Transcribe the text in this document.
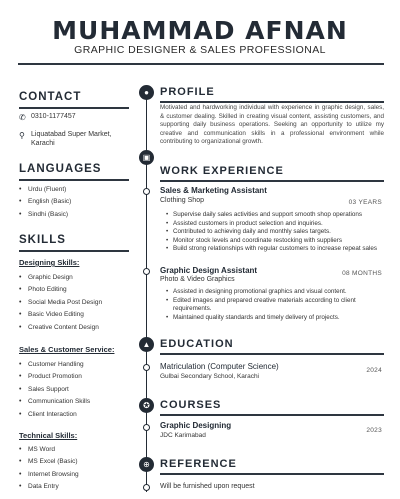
MUHAMMAD AFNAN
GRAPHIC DESIGNER & SALES PROFESSIONAL
CONTACT
✆ 0310-1177457
⚲ Liquatabad Super Market,
Karachi
LANGUAGES
• Urdu (Fluent)
• English (Basic)
• Sindhi (Basic)
SKILLS
Designing Skills:
• Graphic Design
• Photo Editing
• Social Media Post Design
• Basic Video Editing
• Creative Content Design
Sales & Customer Service:
• Customer Handling
• Product Promotion
• Sales Support
• Communication Skills
• Client Interaction
Technical Skills:
• MS Word
• MS Excel (Basic)
• Internet Browsing
• Data Entry
●
▣
▲
✪
⊕
PROFILE
Motivated and hardworking individual with experience in graphic design, sales, & customer dealing. Skilled in creating visual content, assisting customers, and supporting daily business operations. Seeking an opportunity to utilize my creative and communication skills in a professional environment while contributing to organizational growth.
WORK EXPERIENCE
Sales & Marketing Assistant
Clothing Shop	03 YEARS
• Supervise daily sales activities and support smooth shop operations
• Assisted customers in product selection and inquiries.
• Contributed to achieving daily and monthly sales targets.
• Monitor stock levels and coordinate restocking with suppliers
• Build strong relationships with regular customers to increase repeat sales
Graphic Design Assistant
Photo & Video Graphics
08 MONTHS
• Assisted in designing promotional graphics and visual content.
• Edited images and prepared creative materials according to client requirements.
• Maintained quality standards and timely delivery of projects.
EDUCATION
Matriculation (Computer Science)
Gulbai Secondary School, Karachi
2024
COURSES
Graphic Designing
JDC Karimabad
2023
REFERENCE
Will be furnished upon request
